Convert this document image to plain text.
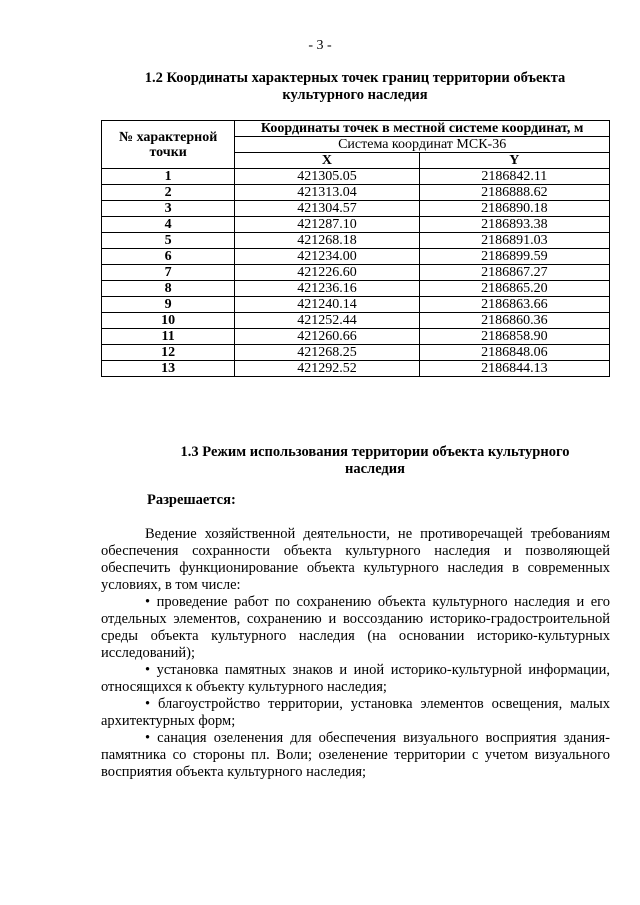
- 3 -
1.2 Координаты характерных точек границ территории объекта
культурного наследия
№ характерной точки	Координаты точек в местной системе координат, м	
	Система координат МСК-36	
	X	Y
1	421305.05	2186842.11
2	421313.04	2186888.62
3	421304.57	2186890.18
4	421287.10	2186893.38
5	421268.18	2186891.03
6	421234.00	2186899.59
7	421226.60	2186867.27
8	421236.16	2186865.20
9	421240.14	2186863.66
10	421252.44	2186860.36
11	421260.66	2186858.90
12	421268.25	2186848.06
13	421292.52	2186844.13
1.3 Режим использования территории объекта культурного
наследия
Разрешается:

Ведение хозяйственной деятельности, не противоречащей требованиям обеспечения сохранности объекта культурного наследия и позволяющей обеспечить функционирование объекта культурного наследия в современных условиях, в том числе:

• проведение работ по сохранению объекта культурного наследия и его отдельных элементов, сохранению и воссозданию историко-градостроительной среды объекта культурного наследия (на основании историко-культурных исследований);

• установка памятных знаков и иной историко-культурной информации, относящихся к объекту культурного наследия;

• благоустройство территории, установка элементов освещения, малых архитектурных форм;

• санация озеленения для обеспечения визуального восприятия здания-памятника со стороны пл. Воли; озеленение территории с учетом визуального восприятия объекта культурного наследия;
